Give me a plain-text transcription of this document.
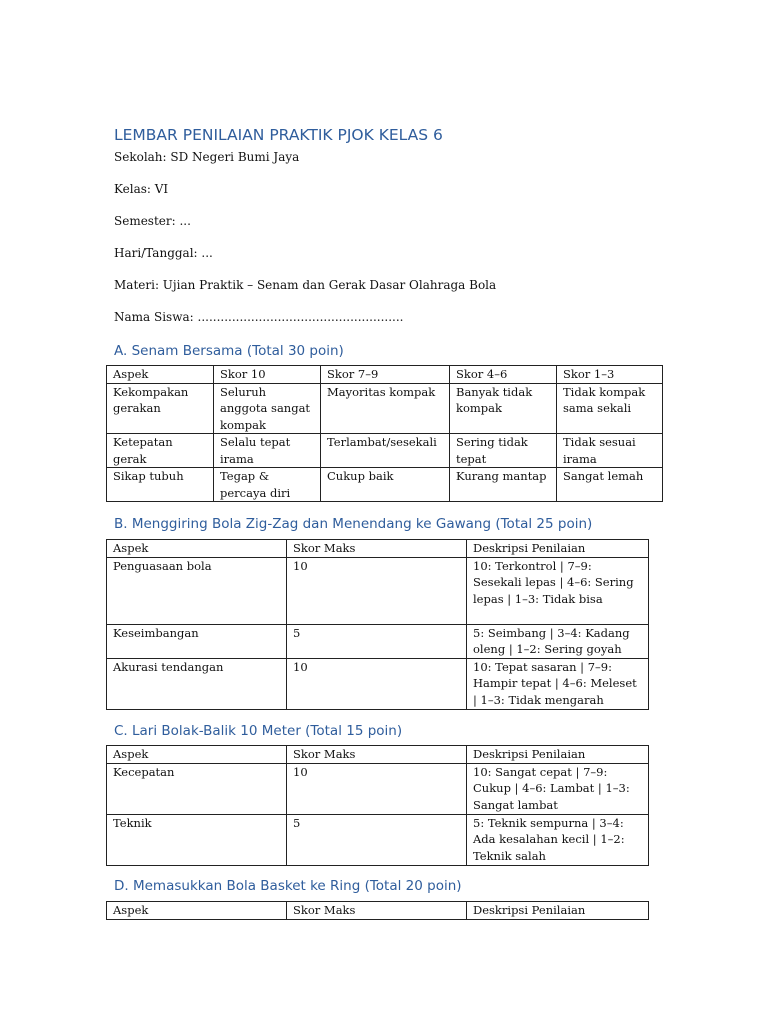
LEMBAR PENILAIAN PRAKTIK PJOK KELAS 6
Sekolah: SD Negeri Bumi Jaya
Kelas: VI
Semester: ...
Hari/Tanggal: ...
Materi: Ujian Praktik – Senam dan Gerak Dasar Olahraga Bola
Nama Siswa: ......................................................
A. Senam Bersama (Total 30 poin)
Aspek	Skor 10	Skor 7–9	Skor 4–6	Skor 1–3
Kekompakan gerakan	Seluruh anggota sangat kompak	Mayoritas kompak	Banyak tidak kompak	Tidak kompak sama sekali
Ketepatan gerak	Selalu tepat irama	Terlambat/sesekali	Sering tidak tepat	Tidak sesuai irama
Sikap tubuh	Tegap & percaya diri	Cukup baik	Kurang mantap	Sangat lemah
B. Menggiring Bola Zig-Zag dan Menendang ke Gawang (Total 25 poin)
Aspek	Skor Maks	Deskripsi Penilaian
Penguasaan bola	10	10: Terkontrol | 7–9: Sesekali lepas | 4–6: Sering lepas | 1–3: Tidak bisa
Keseimbangan	5	5: Seimbang | 3–4: Kadang oleng | 1–2: Sering goyah
Akurasi tendangan	10	10: Tepat sasaran | 7–9: Hampir tepat | 4–6: Meleset | 1–3: Tidak mengarah
C. Lari Bolak-Balik 10 Meter (Total 15 poin)
Aspek	Skor Maks	Deskripsi Penilaian
Kecepatan	10	10: Sangat cepat | 7–9: Cukup | 4–6: Lambat | 1–3: Sangat lambat
Teknik	5	5: Teknik sempurna | 3–4: Ada kesalahan kecil | 1–2: Teknik salah
D. Memasukkan Bola Basket ke Ring (Total 20 poin)
Aspek	Skor Maks	Deskripsi Penilaian
